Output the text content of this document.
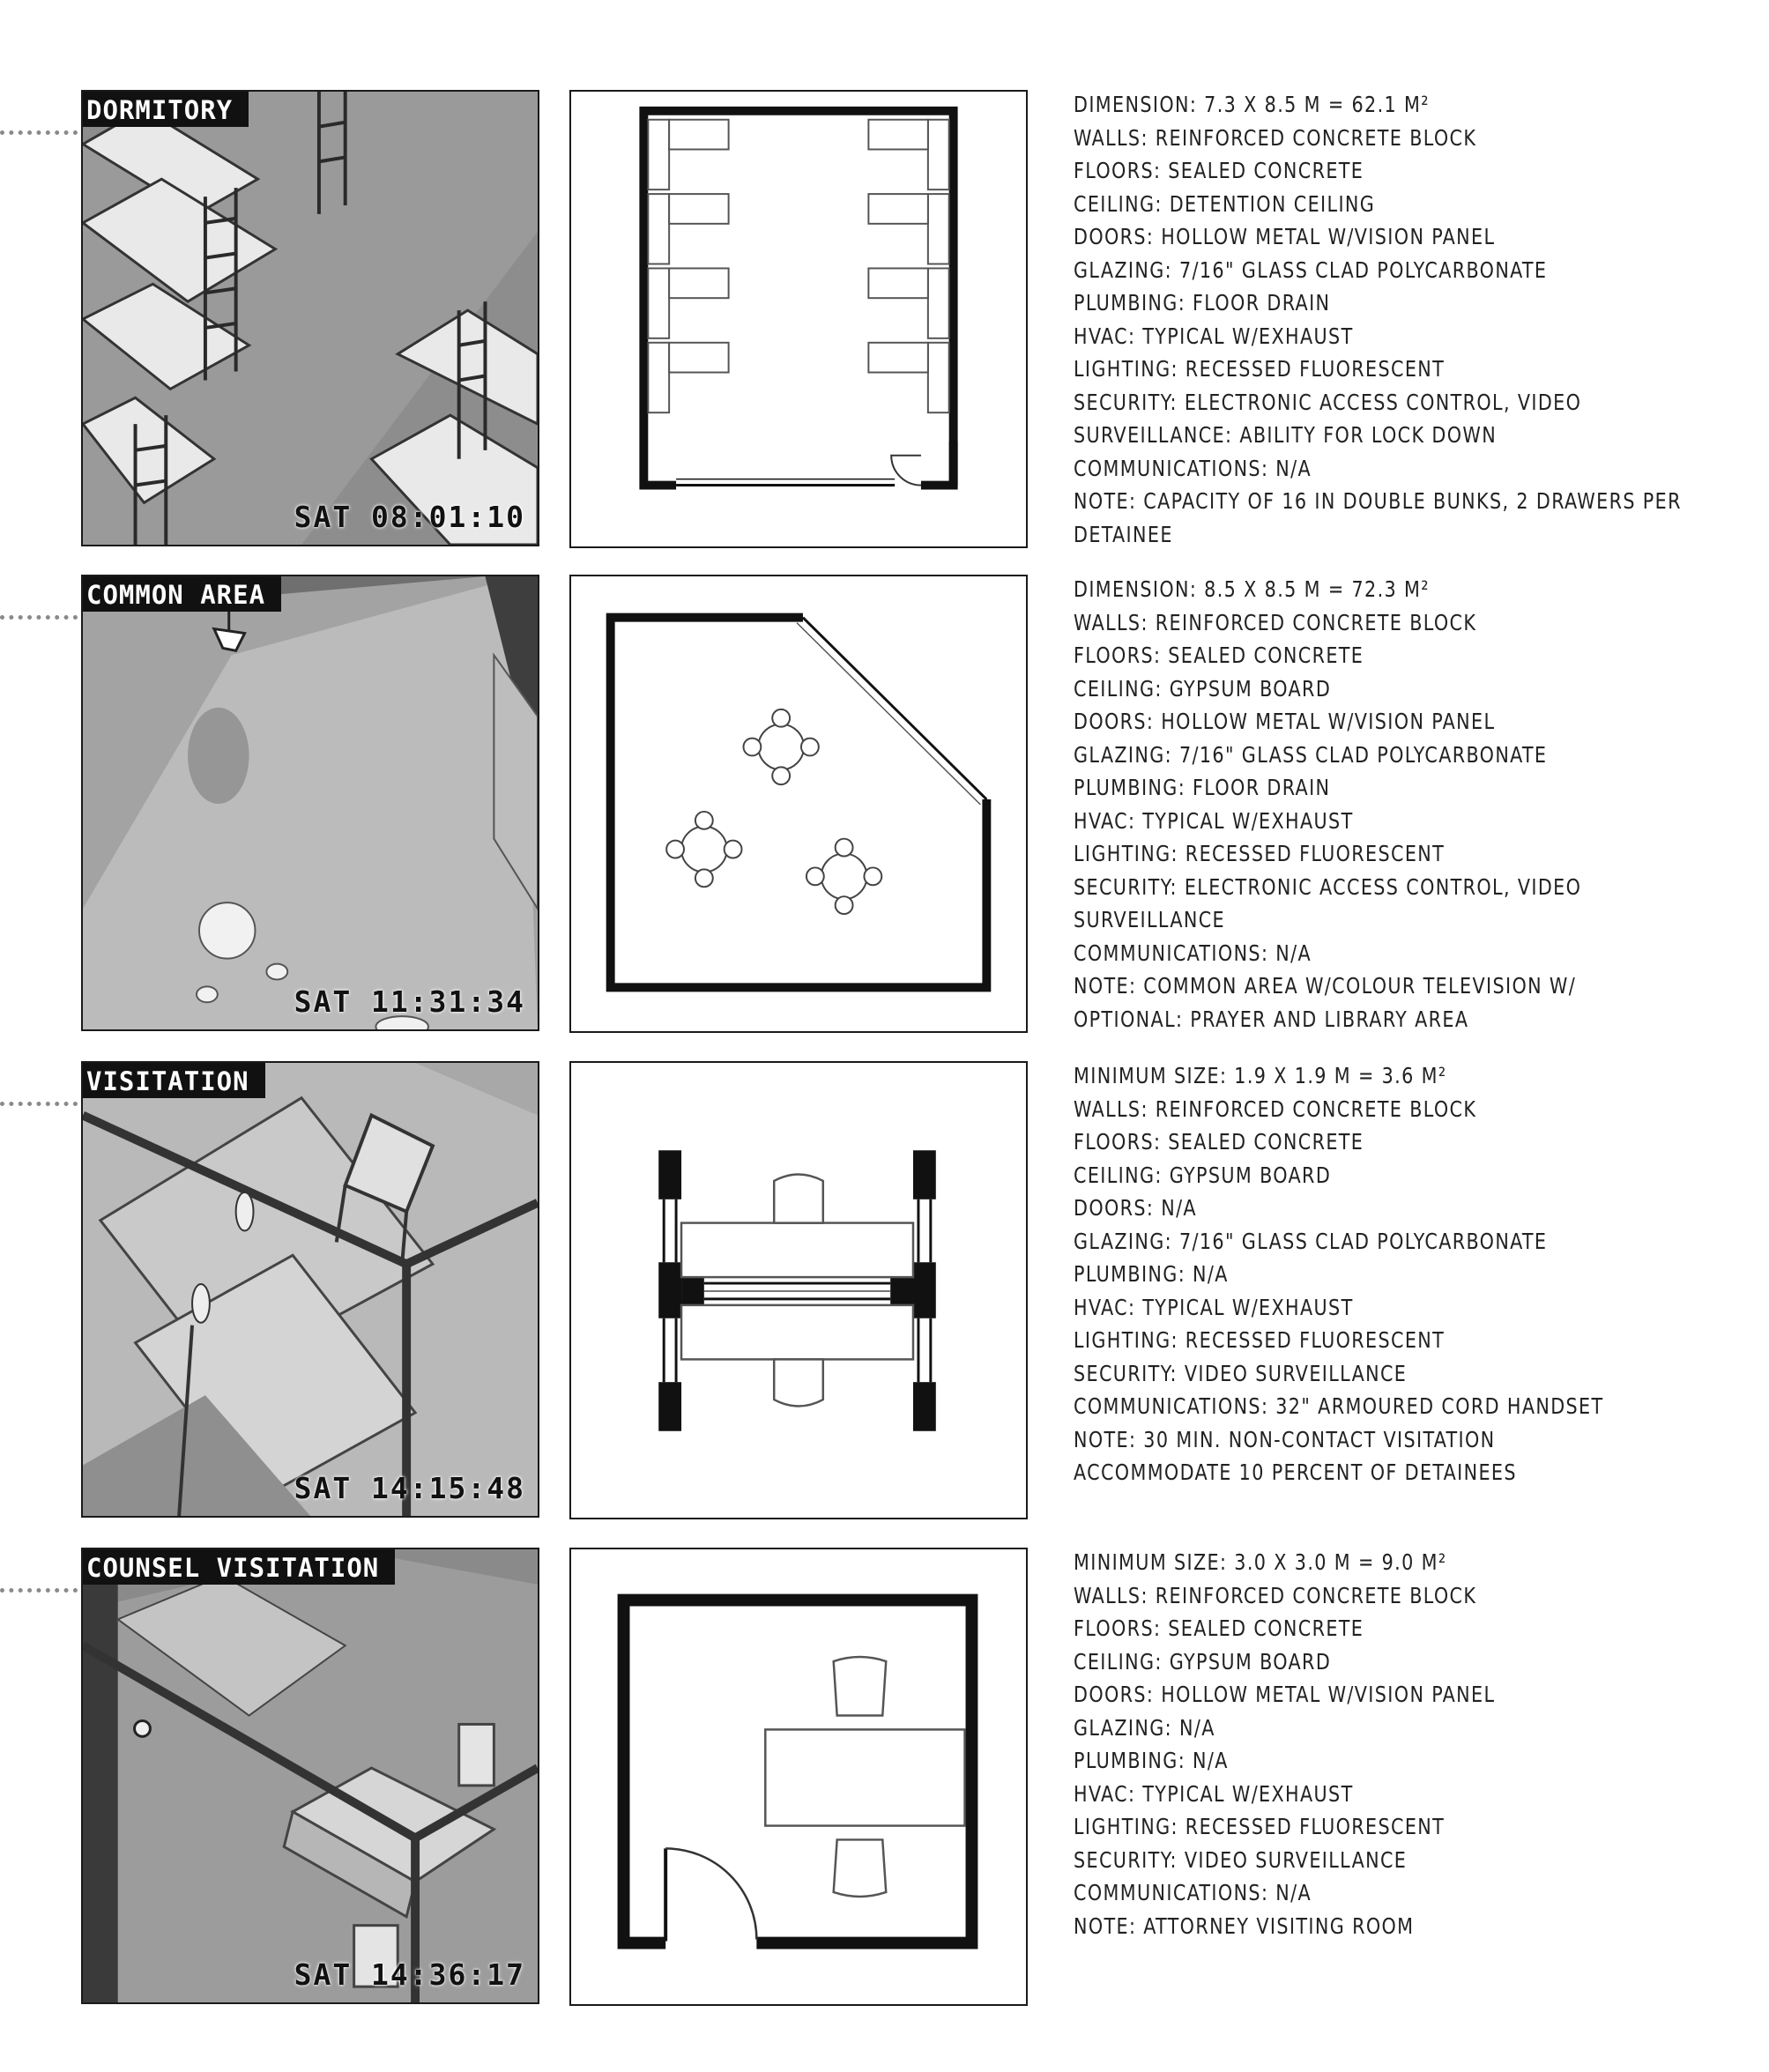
DORMITORY
SAT 08:01:10
DIMENSION: 7.3 X 8.5 M = 62.1 M²
WALLS: REINFORCED CONCRETE BLOCK
FLOORS: SEALED CONCRETE
CEILING: DETENTION CEILING
DOORS: HOLLOW METAL W/VISION PANEL
GLAZING: 7/16" GLASS CLAD POLYCARBONATE
PLUMBING: FLOOR DRAIN
HVAC: TYPICAL W/EXHAUST
LIGHTING: RECESSED FLUORESCENT
SECURITY: ELECTRONIC ACCESS CONTROL, VIDEO
SURVEILLANCE: ABILITY FOR LOCK DOWN
COMMUNICATIONS: N/A
NOTE: CAPACITY OF 16 IN DOUBLE BUNKS, 2 DRAWERS PER DETAINEE
COMMON AREA
SAT 11:31:34
DIMENSION: 8.5 X 8.5 M = 72.3 M²
WALLS: REINFORCED CONCRETE BLOCK
FLOORS: SEALED CONCRETE
CEILING: GYPSUM BOARD
DOORS: HOLLOW METAL W/VISION PANEL
GLAZING: 7/16" GLASS CLAD POLYCARBONATE
PLUMBING: FLOOR DRAIN
HVAC: TYPICAL W/EXHAUST
LIGHTING: RECESSED FLUORESCENT
SECURITY: ELECTRONIC ACCESS CONTROL, VIDEO
SURVEILLANCE
COMMUNICATIONS: N/A
NOTE: COMMON AREA W/COLOUR TELEVISION W/
OPTIONAL: PRAYER AND LIBRARY AREA
VISITATION
SAT 14:15:48
MINIMUM SIZE: 1.9 X 1.9 M = 3.6 M²
WALLS: REINFORCED CONCRETE BLOCK
FLOORS: SEALED CONCRETE
CEILING: GYPSUM BOARD
DOORS: N/A
GLAZING: 7/16" GLASS CLAD POLYCARBONATE
PLUMBING: N/A
HVAC: TYPICAL W/EXHAUST
LIGHTING: RECESSED FLUORESCENT
SECURITY: VIDEO SURVEILLANCE
COMMUNICATIONS: 32" ARMOURED CORD HANDSET
NOTE: 30 MIN. NON-CONTACT VISITATION
ACCOMMODATE 10 PERCENT OF DETAINEES
COUNSEL VISITATION
SAT 14:36:17
MINIMUM SIZE: 3.0 X 3.0 M = 9.0 M²
WALLS: REINFORCED CONCRETE BLOCK
FLOORS: SEALED CONCRETE
CEILING: GYPSUM BOARD
DOORS: HOLLOW METAL W/VISION PANEL
GLAZING: N/A
PLUMBING: N/A
HVAC: TYPICAL W/EXHAUST
LIGHTING: RECESSED FLUORESCENT
SECURITY: VIDEO SURVEILLANCE
COMMUNICATIONS: N/A
NOTE: ATTORNEY VISITING ROOM
